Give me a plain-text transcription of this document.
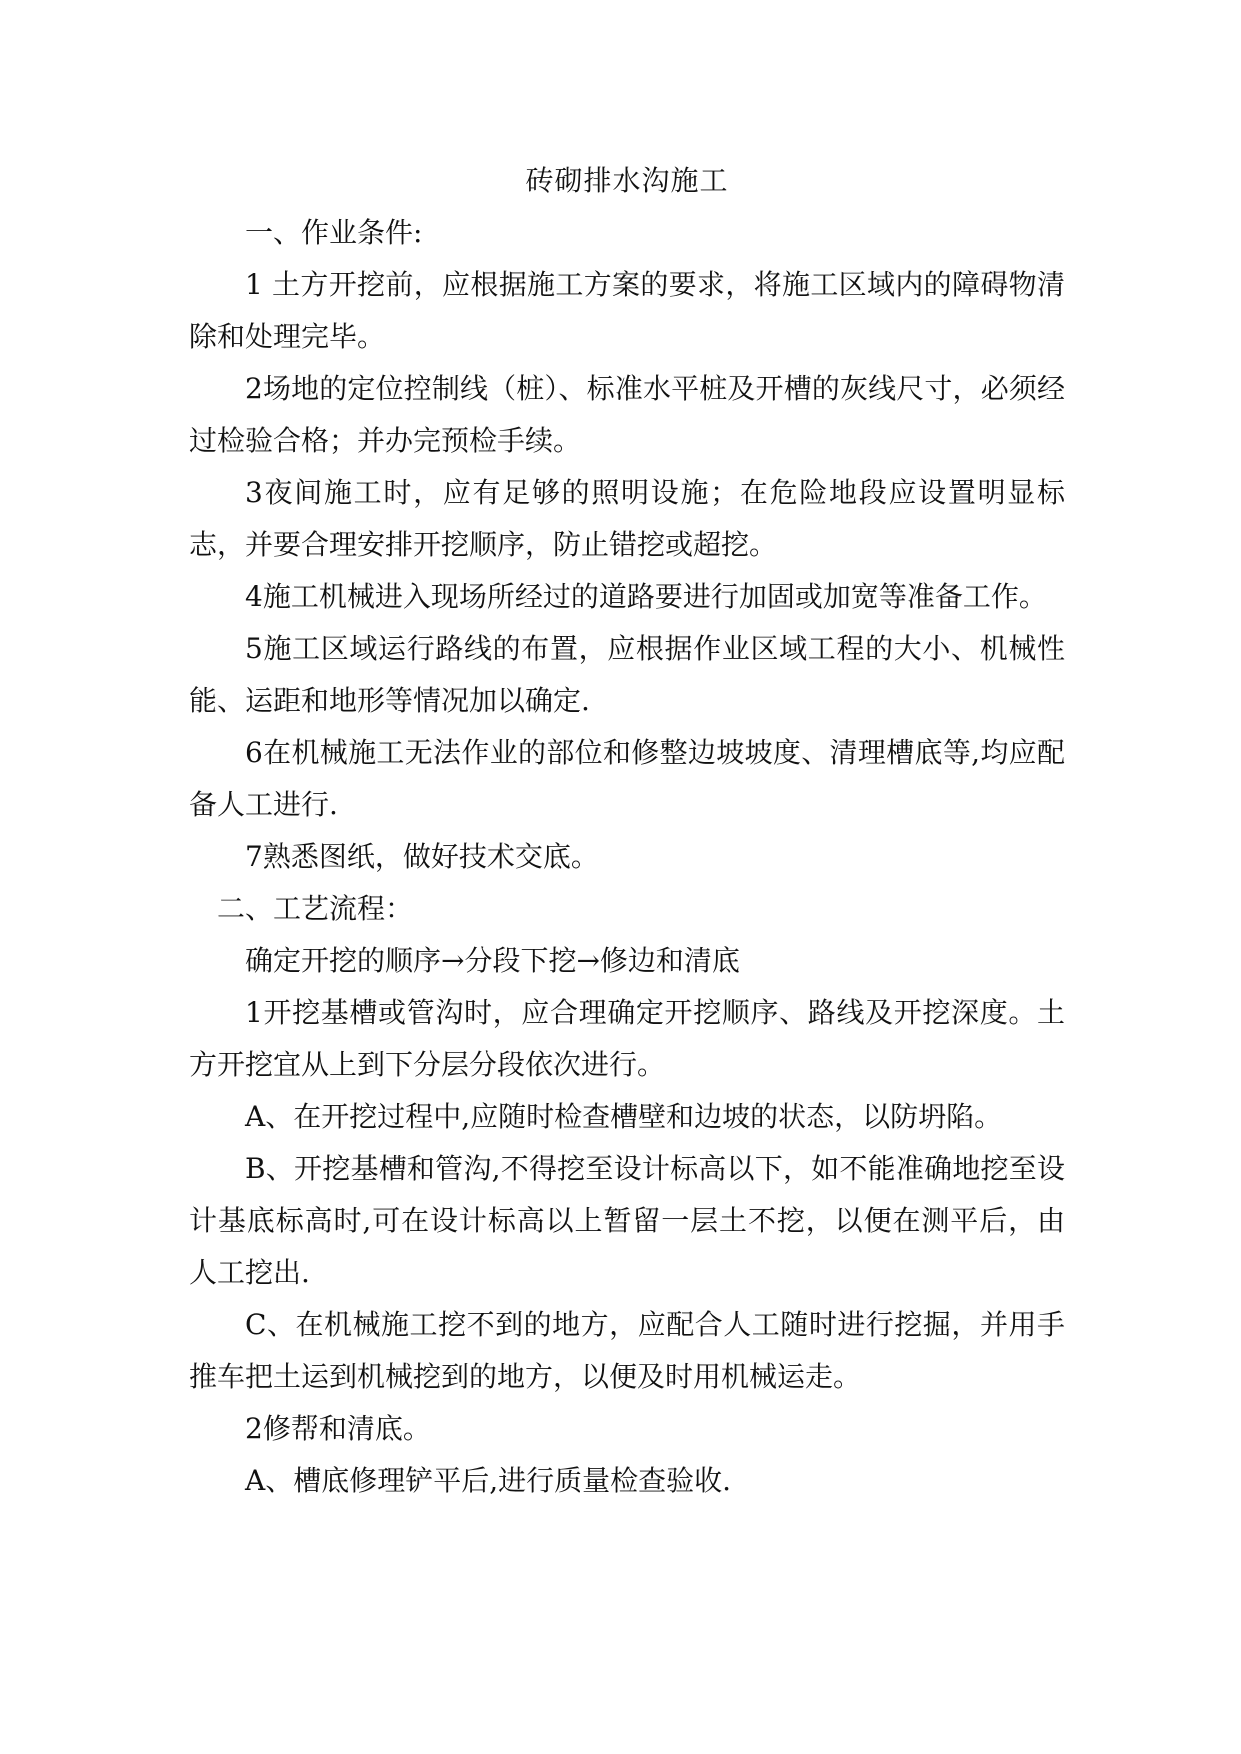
砖砌排水沟施工

一、作业条件:

1 土方开挖前，应根据施工方案的要求，将施工区域内的障碍物清除和处理完毕。

2场地的定位控制线（桩）、标准水平桩及开槽的灰线尺寸，必须经过检验合格；并办完预检手续。

3夜间施工时，应有足够的照明设施；在危险地段应设置明显标志，并要合理安排开挖顺序，防止错挖或超挖。

4施工机械进入现场所经过的道路要进行加固或加宽等准备工作。

5施工区域运行路线的布置，应根据作业区域工程的大小、机械性能、运距和地形等情况加以确定.

6在机械施工无法作业的部位和修整边坡坡度、清理槽底等,均应配备人工进行.

7熟悉图纸，做好技术交底。

二、工艺流程：

确定开挖的顺序→分段下挖→修边和清底

1开挖基槽或管沟时，应合理确定开挖顺序、路线及开挖深度。土方开挖宜从上到下分层分段依次进行。

A、在开挖过程中,应随时检查槽壁和边坡的状态，以防坍陷。

B、开挖基槽和管沟,不得挖至设计标高以下，如不能准确地挖至设计基底标高时,可在设计标高以上暂留一层土不挖，以便在测平后，由人工挖出.

C、在机械施工挖不到的地方，应配合人工随时进行挖掘，并用手推车把土运到机械挖到的地方，以便及时用机械运走。

2修帮和清底。

A、槽底修理铲平后,进行质量检查验收.
